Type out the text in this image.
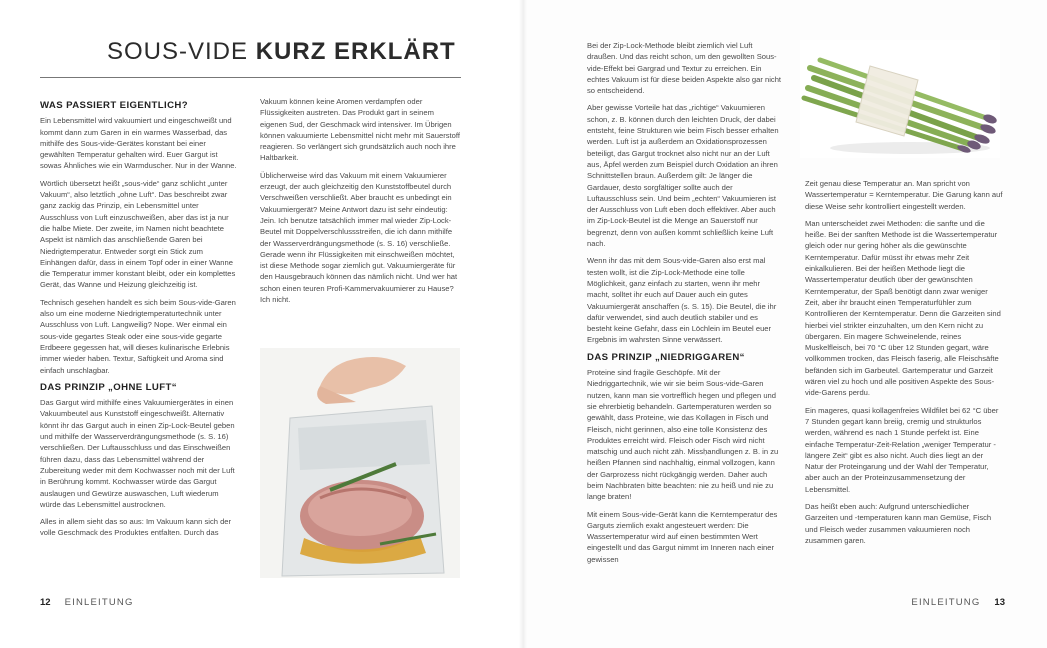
SOUS-VIDE KURZ ERKLÄRT
WAS PASSIERT EIGENTLICH?

Ein Lebensmittel wird vakuumiert und eingeschweißt und kommt dann zum Garen in ein warmes Wasserbad, das mithilfe des Sous-vide-Gerätes konstant bei einer gewählten Temperatur gehalten wird. Euer Gargut ist sowas Ähnliches wie ein Warmduscher. Nur in der Wanne.

Wörtlich übersetzt heißt „sous-vide“ ganz schlicht „unter Vakuum“, also letztlich „ohne Luft“. Das beschreibt zwar ganz zackig das Prinzip, ein Lebensmittel unter Ausschluss von Luft einzuschweißen, aber das ist ja nur die halbe Miete. Der zweite, im Namen nicht beachtete Aspekt ist nämlich das anschließende Garen bei Niedrigtemperatur. Entweder sorgt ein Stick zum Einhängen dafür, dass in einem Topf oder in einer Wanne die Temperatur immer konstant bleibt, oder ein komplettes Gerät, das Wanne und Heizung gleichzeitig ist.

Technisch gesehen handelt es sich beim Sous-vide-Garen also um eine moderne Niedrigtemperaturtechnik unter Ausschluss von Luft. Langweilig? Nope. Wer einmal ein sous-vide gegartes Steak oder eine sous-vide gegarte Erdbeere gegessen hat, will dieses kulinarische Erlebnis immer wieder haben. Textur, Saftigkeit und Aroma sind einfach unschlagbar.

DAS PRINZIP „OHNE LUFT“

Das Gargut wird mithilfe eines Vakuumiergerätes in einen Vakuumbeutel aus Kunststoff eingeschweißt. Alternativ könnt ihr das Gargut auch in einen Zip-Lock-Beutel geben und mithilfe der Wasserverdrängungsmethode (s. S. 16) verschließen. Der Luftausschluss und das Einschweißen führen dazu, dass das Lebensmittel während der Zubereitung weder mit dem Kochwasser noch mit der Luft in Berührung kommt. Kochwasser würde das Gargut auslaugen und Gewürze auswaschen, Luft wiederum würde das Lebensmittel austrocknen.

Alles in allem sieht das so aus: Im Vakuum kann sich der volle Geschmack des Produktes entfalten. Durch das

Vakuum können keine Aromen verdampfen oder Flüssigkeiten austreten. Das Produkt gart in seinem eigenen Sud, der Geschmack wird intensiver. Im Übrigen können vakuumierte Lebensmittel nicht mehr mit Sauerstoff reagieren. So verlängert sich grundsätzlich auch noch ihre Haltbarkeit.

Üblicherweise wird das Vakuum mit einem Vakuumierer erzeugt, der auch gleichzeitig den Kunststoffbeutel durch Verschweißen verschließt. Aber braucht es unbedingt ein Vakuumiergerät? Meine Antwort dazu ist sehr eindeutig: Jein. Ich benutze tatsächlich immer mal wieder Zip-Lock-Beutel mit Doppelverschlussstreifen, die ich dann mithilfe der Wasserverdrängungsmethode (s. S. 16) verschließe. Gerade wenn ihr Flüssigkeiten mit einschweißen möchtet, ist diese Methode sogar ziemlich gut. Vakuumiergeräte für den Hausgebrauch können das nämlich nicht. Und wer hat schon einen teuren Profi-Kammervakuumierer zu Hause? Ich nicht.

Bei der Zip-Lock-Methode bleibt ziemlich viel Luft draußen. Und das reicht schon, um den gewollten Sous-vide-Effekt bei Gargrad und Textur zu erreichen. Ein echtes Vakuum ist für diese beiden Aspekte also gar nicht so entscheidend.

Aber gewisse Vorteile hat das „richtige“ Vakuumieren schon, z. B. können durch den leichten Druck, der dabei entsteht, feine Strukturen wie beim Fisch besser erhalten werden. Luft ist ja außerdem an Oxidationsprozessen beteiligt, das Gargut trocknet also nicht nur an der Luft aus, Äpfel werden zum Beispiel durch Oxidation an ihren Schnittstellen braun. Außerdem gilt: Je länger die Gardauer, desto sorgfältiger sollte auch der Luftausschluss sein. Und beim „echten“ Vakuumieren ist der Ausschluss von Luft eben doch effektiver. Aber auch im Zip-Lock-Beutel ist die Menge an Sauerstoff nur begrenzt, denn von außen kommt schließlich keine Luft nach.

Wenn ihr das mit dem Sous-vide-Garen also erst mal testen wollt, ist die Zip-Lock-Methode eine tolle Möglichkeit, ganz einfach zu starten, wenn ihr mehr macht, solltet ihr euch auf Dauer auch ein gutes Vakuumiergerät anschaffen (s. S. 15). Die Beutel, die ihr dafür verwendet, sind auch deutlich stabiler und es besteht keine Gefahr, dass ein Löchlein im Beutel euer Ergebnis im wahrsten Sinne verwässert.

DAS PRINZIP „NIEDRIGGAREN“

Proteine sind fragile Geschöpfe. Mit der Niedriggartechnik, wie wir sie beim Sous-vide-Garen nutzen, kann man sie vortrefflich hegen und pflegen und sie ehrerbietig behandeln. Gartemperaturen werden so gewählt, dass Proteine, wie das Kollagen in Fisch und Fleisch, nicht gerinnen, also eine tolle Konsistenz des Produktes erreicht wird. Fleisch oder Fisch wird nicht matschig und auch nicht zäh. Missḥandlungen z. B. in zu heißen Pfannen sind nachhaltig, einmal vollzogen, kann der Garprozess nicht rückgängig werden. Daher auch beim Nachbraten bitte beachten: nie zu heiß und nie zu lange braten!

Mit einem Sous-vide-Gerät kann die Kerntemperatur des Garguts ziemlich exakt angesteuert werden: Die Wassertemperatur wird auf einen bestimmten Wert eingestellt und das Gargut nimmt im Inneren nach einer gewissen

Zeit genau diese Temperatur an. Man spricht von Wassertemperatur = Kerntemperatur. Die Garung kann auf diese Weise sehr kontrolliert eingestellt werden.

Man unterscheidet zwei Methoden: die sanfte und die heiße. Bei der sanften Methode ist die Wassertemperatur gleich oder nur gering höher als die gewünschte Kerntemperatur. Dafür müsst ihr etwas mehr Zeit einkalkulieren. Bei der heißen Methode liegt die Wassertemperatur deutlich über der gewünschten Kerntemperatur, der Spaß benötigt dann zwar weniger Zeit, aber ihr braucht einen Temperaturfühler zum Kontrollieren der Kerntemperatur. Denn die Garzeiten sind hierbei viel strikter einzuhalten, um den Kern nicht zu übergaren. Ein magere Schweinelende, reines Muskelfleisch, bei 70 °C über 12 Stunden gegart, wäre vollkommen trocken, das Fleisch faserig, alle Fleischsäfte befänden sich im Garbeutel. Gartemperatur und Garzeit wären viel zu hoch und alle positiven Aspekte des Sous-vide-Garens perdu.

Ein mageres, quasi kollagenfreies Wildfilet bei 62 °C über 7 Stunden gegart kann breiig, cremig und strukturlos werden, während es nach 1 Stunde perfekt ist. Eine einfache Temperatur-Zeit-Relation „weniger Temperatur - längere Zeit“ gibt es also nicht. Auch dies liegt an der Natur der Proteingarung und der Wahl der Temperatur, aber auch an der Proteinzusammensetzung der Lebensmittel.

Das heißt eben auch: Aufgrund unterschiedlicher Garzeiten und -temperaturen kann man Gemüse, Fisch und Fleisch weder zusammen vakuumieren noch zusammen garen.

12 EINLEITUNG	EINLEITUNG 13
